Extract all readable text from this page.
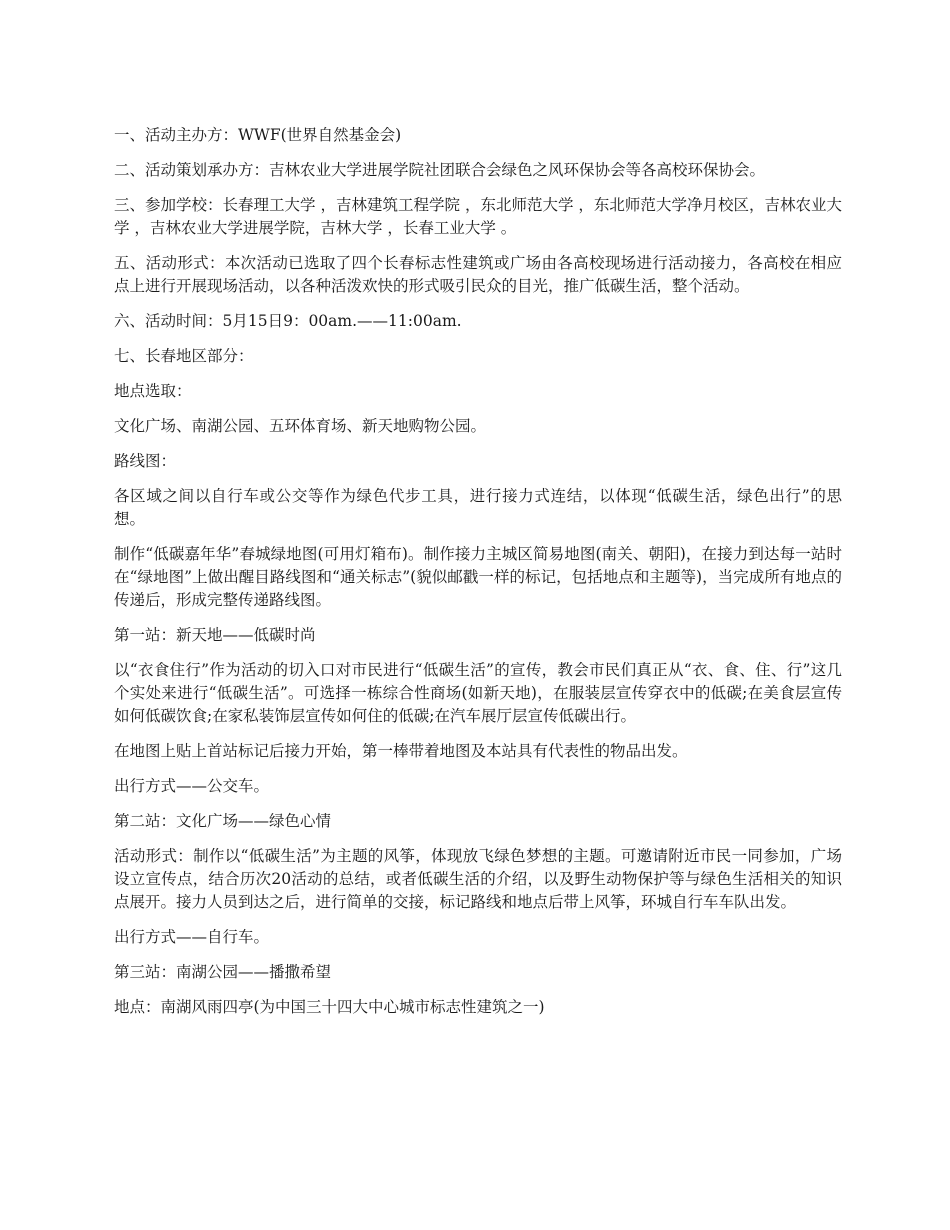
一、活动主办方：WWF(世界自然基金会)

二、活动策划承办方：吉林农业大学进展学院社团联合会绿色之风环保协会等各高校环保协会。

三、参加学校：长春理工大学 ，吉林建筑工程学院 ，东北师范大学 ，东北师范大学净月校区，吉林农业大学 ，吉林农业大学进展学院，吉林大学 ，长春工业大学 。

五、活动形式：本次活动已选取了四个长春标志性建筑或广场由各高校现场进行活动接力，各高校在相应点上进行开展现场活动，以各种活泼欢快的形式吸引民众的目光，推广低碳生活，整个活动。

六、活动时间：5月15日9：00am.——11:00am.

七、长春地区部分：

地点选取：

文化广场、南湖公园、五环体育场、新天地购物公园。

路线图：

各区域之间以自行车或公交等作为绿色代步工具，进行接力式连结，以体现“低碳生活，绿色出行”的思想。

制作“低碳嘉年华”春城绿地图(可用灯箱布)。制作接力主城区简易地图(南关、朝阳)，在接力到达每一站时在“绿地图”上做出醒目路线图和“通关标志”(貌似邮戳一样的标记，包括地点和主题等)，当完成所有地点的传递后，形成完整传递路线图。

第一站：新天地——低碳时尚

以“衣食住行”作为活动的切入口对市民进行“低碳生活”的宣传，教会市民们真正从“衣、食、住、行”这几个实处来进行“低碳生活”。可选择一栋综合性商场(如新天地)，在服装层宣传穿衣中的低碳;在美食层宣传如何低碳饮食;在家私装饰层宣传如何住的低碳;在汽车展厅层宣传低碳出行。

在地图上贴上首站标记后接力开始，第一棒带着地图及本站具有代表性的物品出发。

出行方式——公交车。

第二站：文化广场——绿色心情

活动形式：制作以“低碳生活”为主题的风筝，体现放飞绿色梦想的主题。可邀请附近市民一同参加，广场设立宣传点，结合历次20活动的总结，或者低碳生活的介绍，以及野生动物保护等与绿色生活相关的知识点展开。接力人员到达之后，进行简单的交接，标记路线和地点后带上风筝，环城自行车车队出发。

出行方式——自行车。

第三站：南湖公园——播撒希望

地点：南湖风雨四亭(为中国三十四大中心城市标志性建筑之一)
